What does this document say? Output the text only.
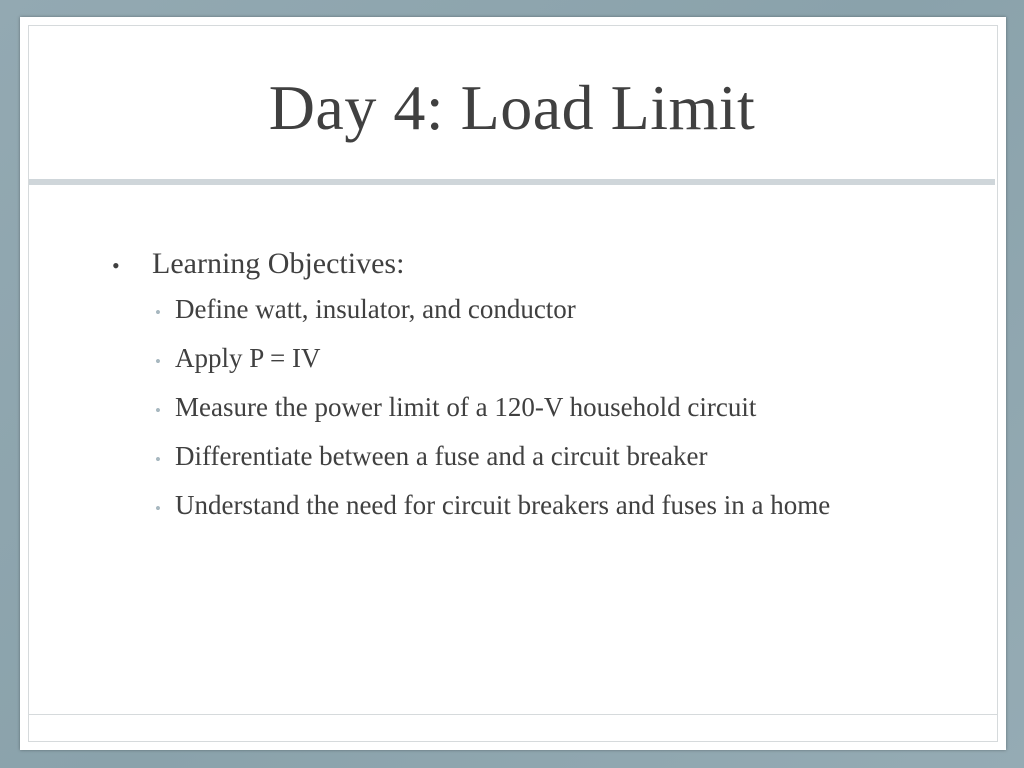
Day 4: Load Limit
•	Learning Objectives:
• Define watt, insulator, and conductor
• Apply P = IV
• Measure the power limit of a 120-V household circuit
• Differentiate between a fuse and a circuit breaker
• Understand the need for circuit breakers and fuses in a home
